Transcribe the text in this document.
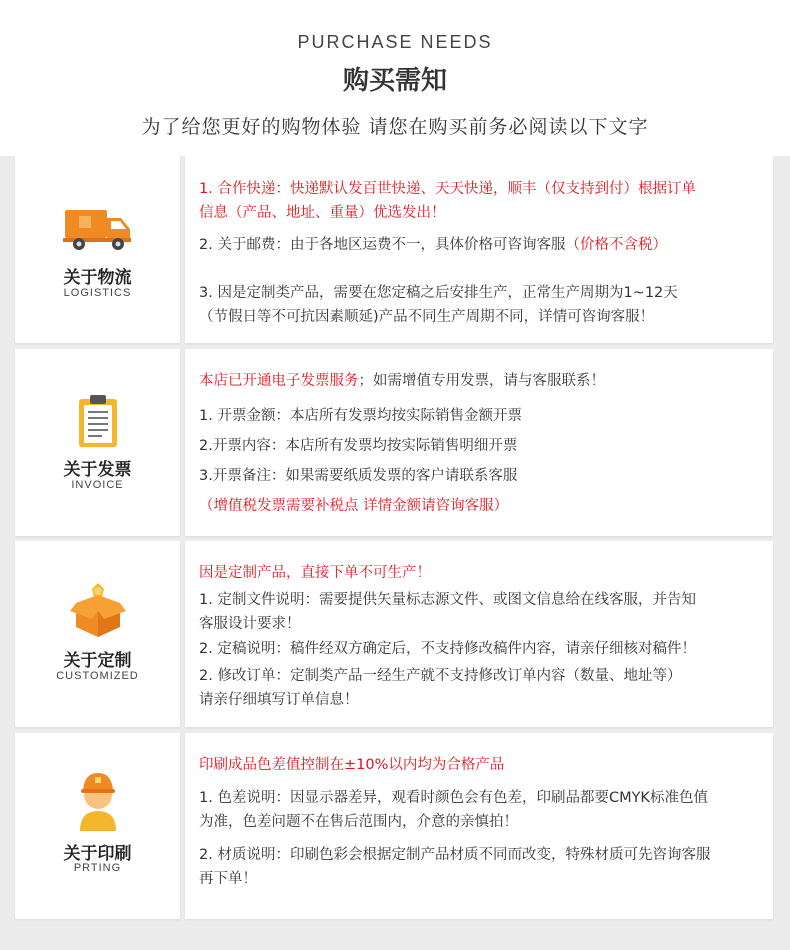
PURCHASE NEEDS
购买需知
为了给您更好的购物体验 请您在购买前务必阅读以下文字
关于物流
LOGISTICS
1. 合作快递：快递默认发百世快递、天天快递，顺丰（仅支持到付）根据订单
信息（产品、地址、重量）优选发出！
2. 关于邮费：由于各地区运费不一，具体价格可咨询客服（价格不含税）
3. 因是定制类产品，需要在您定稿之后安排生产，正常生产周期为1~12天
（节假日等不可抗因素顺延)产品不同生产周期不同，详情可咨询客服！
关于发票
INVOICE
本店已开通电子发票服务；如需增值专用发票，请与客服联系！
1. 开票金额：本店所有发票均按实际销售金额开票
2.开票内容：本店所有发票均按实际销售明细开票
3.开票备注：如果需要纸质发票的客户请联系客服
（增值税发票需要补税点 详情金额请咨询客服）
关于定制
CUSTOMIZED
因是定制产品，直接下单不可生产！
1. 定制文件说明：需要提供矢量标志源文件、或图文信息给在线客服，并告知
客服设计要求！
2. 定稿说明：稿件经双方确定后，不支持修改稿件内容，请亲仔细核对稿件！
2. 修改订单：定制类产品一经生产就不支持修改订单内容（数量、地址等）
请亲仔细填写订单信息！
关于印刷
PRTING
印刷成品色差值控制在±10%以内均为合格产品
1. 色差说明：因显示器差异，观看时颜色会有色差，印刷品都要CMYK标准色值
为准，色差问题不在售后范围内，介意的亲慎拍！
2. 材质说明：印刷色彩会根据定制产品材质不同而改变，特殊材质可先咨询客服
再下单！
